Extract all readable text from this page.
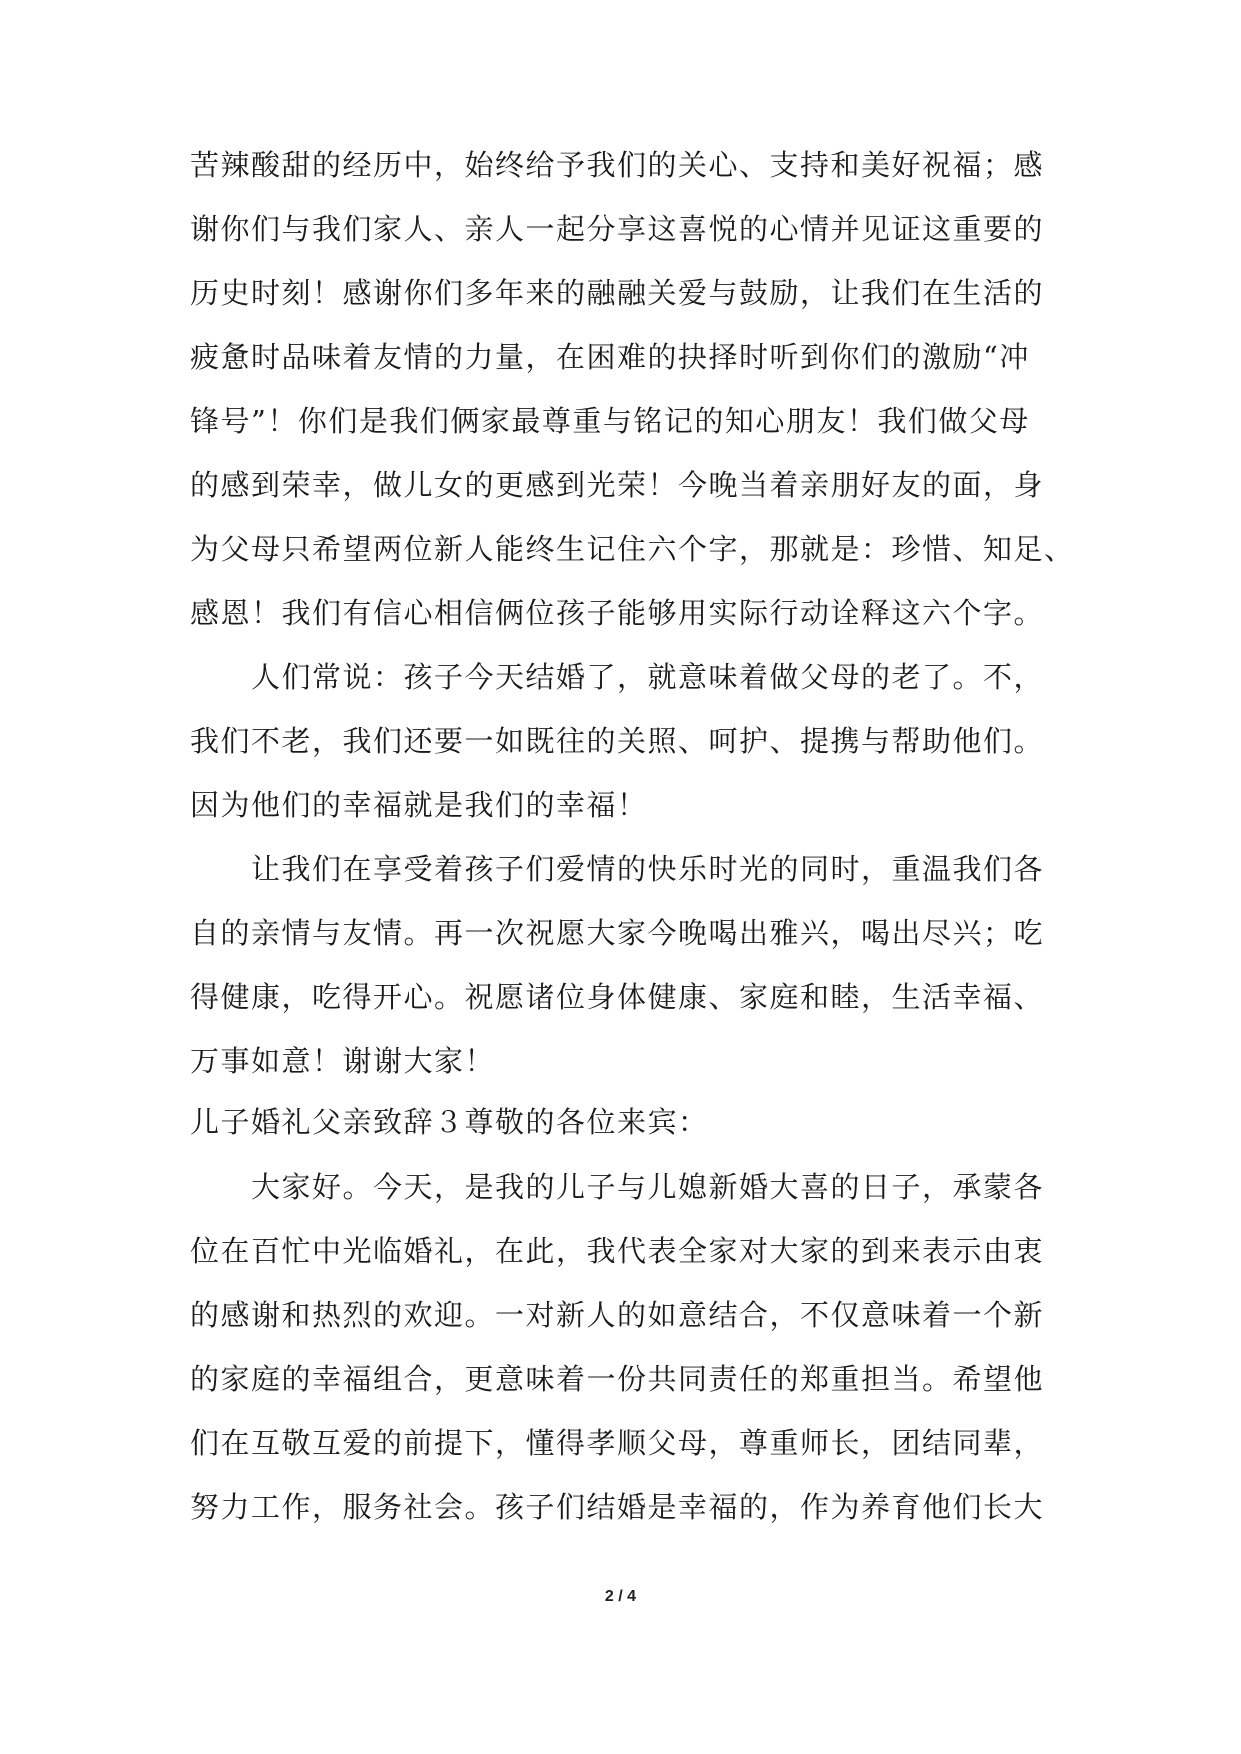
苦辣酸甜的经历中，始终给予我们的关心、支持和美好祝福；感
谢你们与我们家人、亲人一起分享这喜悦的心情并见证这重要的
历史时刻！感谢你们多年来的融融关爱与鼓励，让我们在生活的
疲惫时品味着友情的力量，在困难的抉择时听到你们的激励“冲
锋号”！你们是我们俩家最尊重与铭记的知心朋友！我们做父母
的感到荣幸，做儿女的更感到光荣！今晚当着亲朋好友的面，身
为父母只希望两位新人能终生记住六个字，那就是：珍惜、知足、
感恩！我们有信心相信俩位孩子能够用实际行动诠释这六个字。
　　人们常说：孩子今天结婚了，就意味着做父母的老了。不，
我们不老，我们还要一如既往的关照、呵护、提携与帮助他们。
因为他们的幸福就是我们的幸福！
　　让我们在享受着孩子们爱情的快乐时光的同时，重温我们各
自的亲情与友情。再一次祝愿大家今晚喝出雅兴，喝出尽兴；吃
得健康，吃得开心。祝愿诸位身体健康、家庭和睦，生活幸福、
万事如意！谢谢大家！
儿子婚礼父亲致辞３尊敬的各位来宾：
　　大家好。今天，是我的儿子与儿媳新婚大喜的日子，承蒙各
位在百忙中光临婚礼，在此，我代表全家对大家的到来表示由衷
的感谢和热烈的欢迎。一对新人的如意结合，不仅意味着一个新
的家庭的幸福组合，更意味着一份共同责任的郑重担当。希望他
们在互敬互爱的前提下，懂得孝顺父母，尊重师长，团结同辈，
努力工作，服务社会。孩子们结婚是幸福的，作为养育他们长大
2 / 4
